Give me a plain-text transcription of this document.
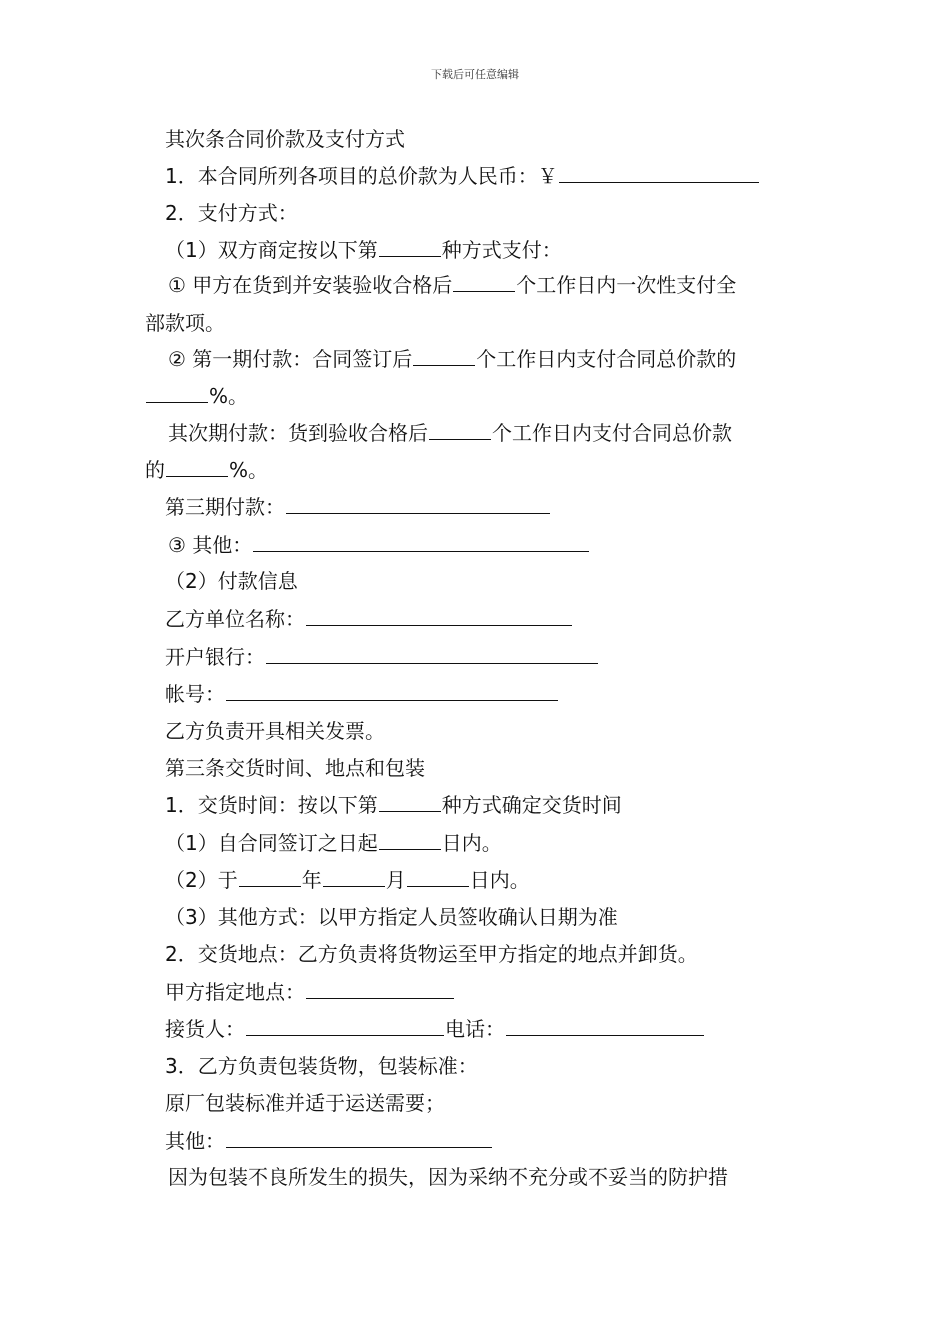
下载后可任意编辑
其次条合同价款及支付方式
1．本合同所列各项目的总价款为人民币：￥
2．支付方式：
（1）双方商定按以下第	种方式支付：
① 甲方在货到并安装验收合格后	个工作日内一次性支付全
部款项。
② 第一期付款：合同签订后	个工作日内支付合同总价款的
%。
其次期付款：货到验收合格后	个工作日内支付合同总价款
的	%。
第三期付款：
③ 其他：
（2）付款信息
乙方单位名称：
开户银行：
帐号：
乙方负责开具相关发票。
第三条交货时间、地点和包装
1．交货时间：按以下第	种方式确定交货时间
（1）自合同签订之日起	日内。
（2）于	年	月	日内。
（3）其他方式：以甲方指定人员签收确认日期为准
2．交货地点：乙方负责将货物运至甲方指定的地点并卸货。
甲方指定地点：
接货人：	电话：
3．乙方负责包装货物，包装标准：
原厂包装标准并适于运送需要；
其他：
因为包装不良所发生的损失，因为采纳不充分或不妥当的防护措
